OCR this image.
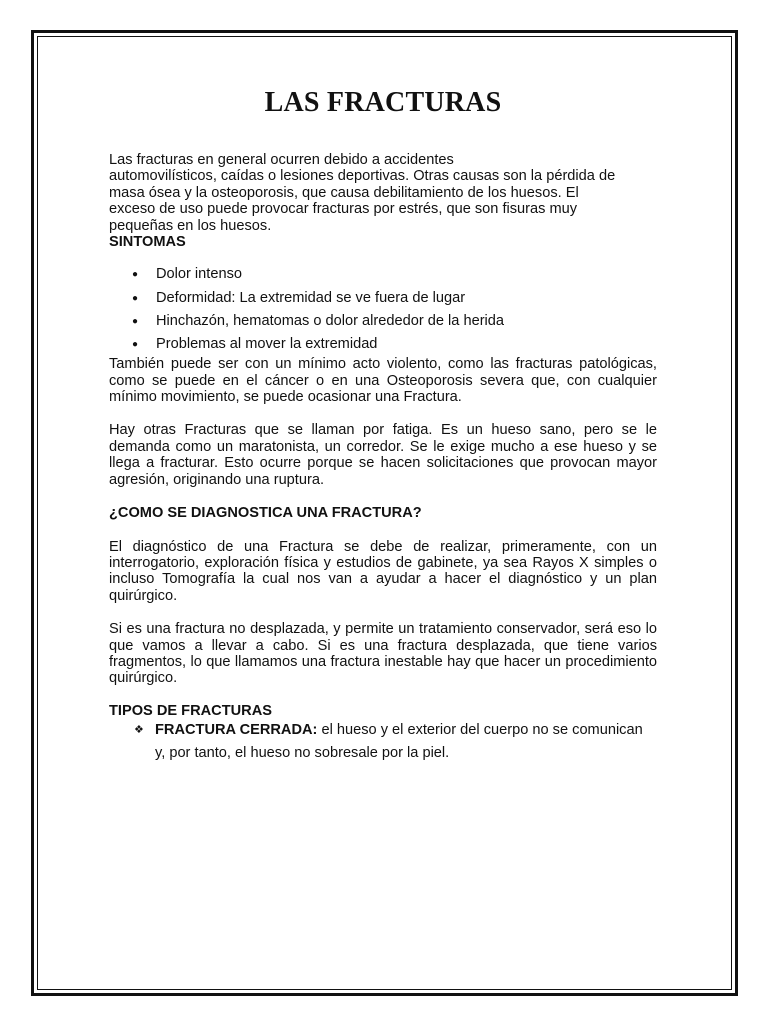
LAS FRACTURAS

Las fracturas en general ocurren debido a accidentes

automovilísticos, caídas o lesiones deportivas. Otras causas son la pérdida de

masa ósea y la osteoporosis, que causa debilitamiento de los huesos. El

exceso de uso puede provocar fracturas por estrés, que son fisuras muy

pequeñas en los huesos.

SINTOMAS

● Dolor intenso
● Deformidad: La extremidad se ve fuera de lugar
● Hinchazón, hematomas o dolor alrededor de la herida
● Problemas al mover la extremidad

También puede ser con un mínimo acto violento, como las fracturas patológicas, como se puede en el cáncer o en una Osteoporosis severa que, con cualquier mínimo movimiento, se puede ocasionar una Fractura.

Hay otras Fracturas que se llaman por fatiga. Es un hueso sano, pero se le demanda como un maratonista, un corredor. Se le exige mucho a ese hueso y se llega a fracturar. Esto ocurre porque se hacen solicitaciones que provocan mayor agresión, originando una ruptura.

¿COMO SE DIAGNOSTICA UNA FRACTURA?

El diagnóstico de una Fractura se debe de realizar, primeramente, con un interrogatorio, exploración física y estudios de gabinete, ya sea Rayos X simples o incluso Tomografía la cual nos van a ayudar a hacer el diagnóstico y un plan quirúrgico.

Si es una fractura no desplazada, y permite un tratamiento conservador, será eso lo que vamos a llevar a cabo. Si es una fractura desplazada, que tiene varios fragmentos, lo que llamamos una fractura inestable hay que hacer un procedimiento quirúrgico.

TIPOS DE FRACTURAS

❖ FRACTURA CERRADA: el hueso y el exterior del cuerpo no se comunican y, por tanto, el hueso no sobresale por la piel.
